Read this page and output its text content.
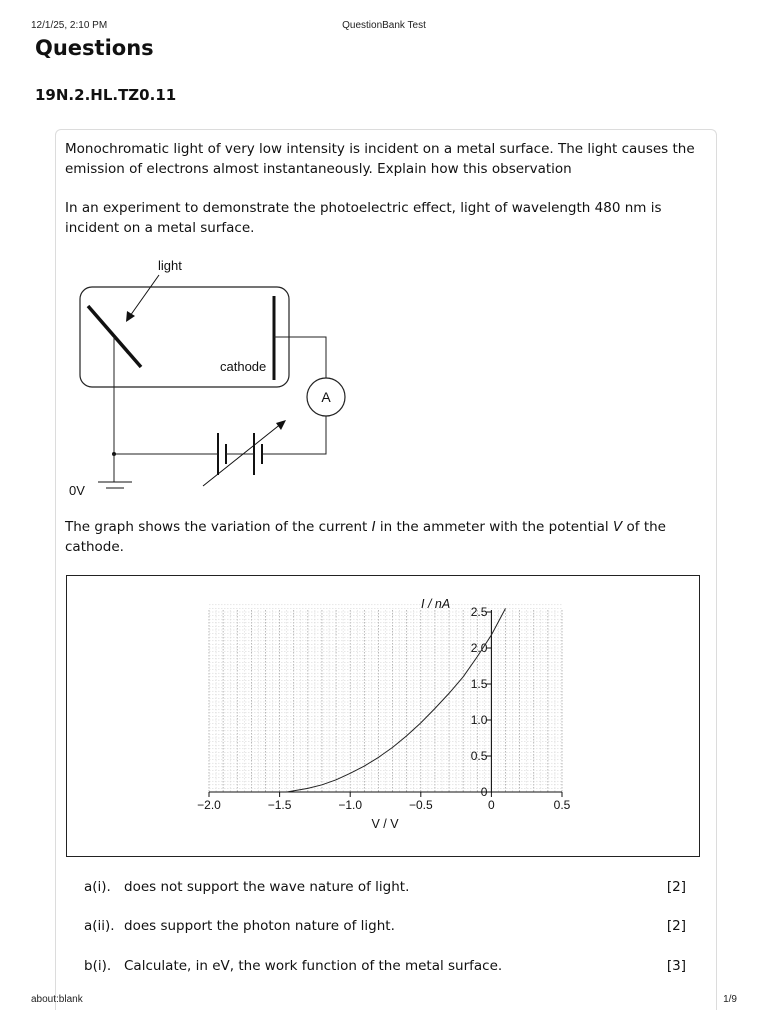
12/1/25, 2:10 PM	QuestionBank Test
Questions
19N.2.HL.TZ0.11

Monochromatic light of very low intensity is incident on a metal surface. The light causes the emission of electrons almost instantaneously. Explain how this observation

In an experiment to demonstrate the photoelectric effect, light of wavelength 480 nm is incident on a metal surface.

light
cathode
A
0V

The graph shows the variation of the current I in the ammeter with the potential V of the cathode.

−2.0	−1.5	−1.0	−0.5	0	0.5
0
0.5
1.0
1.5
2.0
2.5
I / nA
V / V
a(i). does not support the wave nature of light.	[2]
a(ii). does support the photon nature of light.	[2]
b(i). Calculate, in eV, the work function of the metal surface.	[3]
about:blank	1/9
